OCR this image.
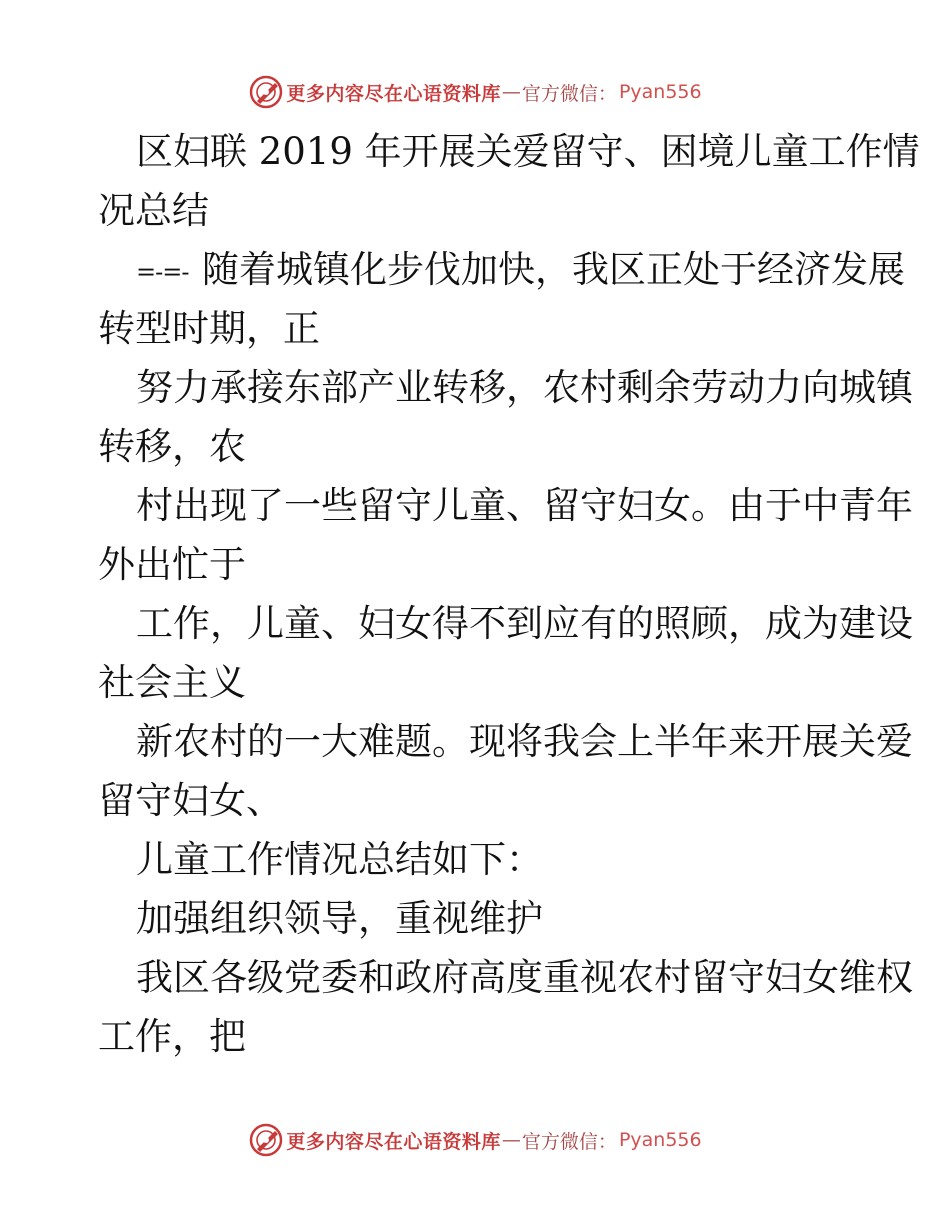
更多内容尽在心语资料库 — 官方微信： Pyan556
区妇联 2019 年开展关爱留守、困境儿童工作情
况总结
=-=- 随着城镇化步伐加快，我区正处于经济发展
转型时期，正
努力承接东部产业转移，农村剩余劳动力向城镇
转移，农
村出现了一些留守儿童、留守妇女。由于中青年
外出忙于
工作，儿童、妇女得不到应有的照顾，成为建设
社会主义
新农村的一大难题。现将我会上半年来开展关爱
留守妇女、
儿童工作情况总结如下：
加强组织领导，重视维护
我区各级党委和政府高度重视农村留守妇女维权
工作，把
更多内容尽在心语资料库 — 官方微信： Pyan556
